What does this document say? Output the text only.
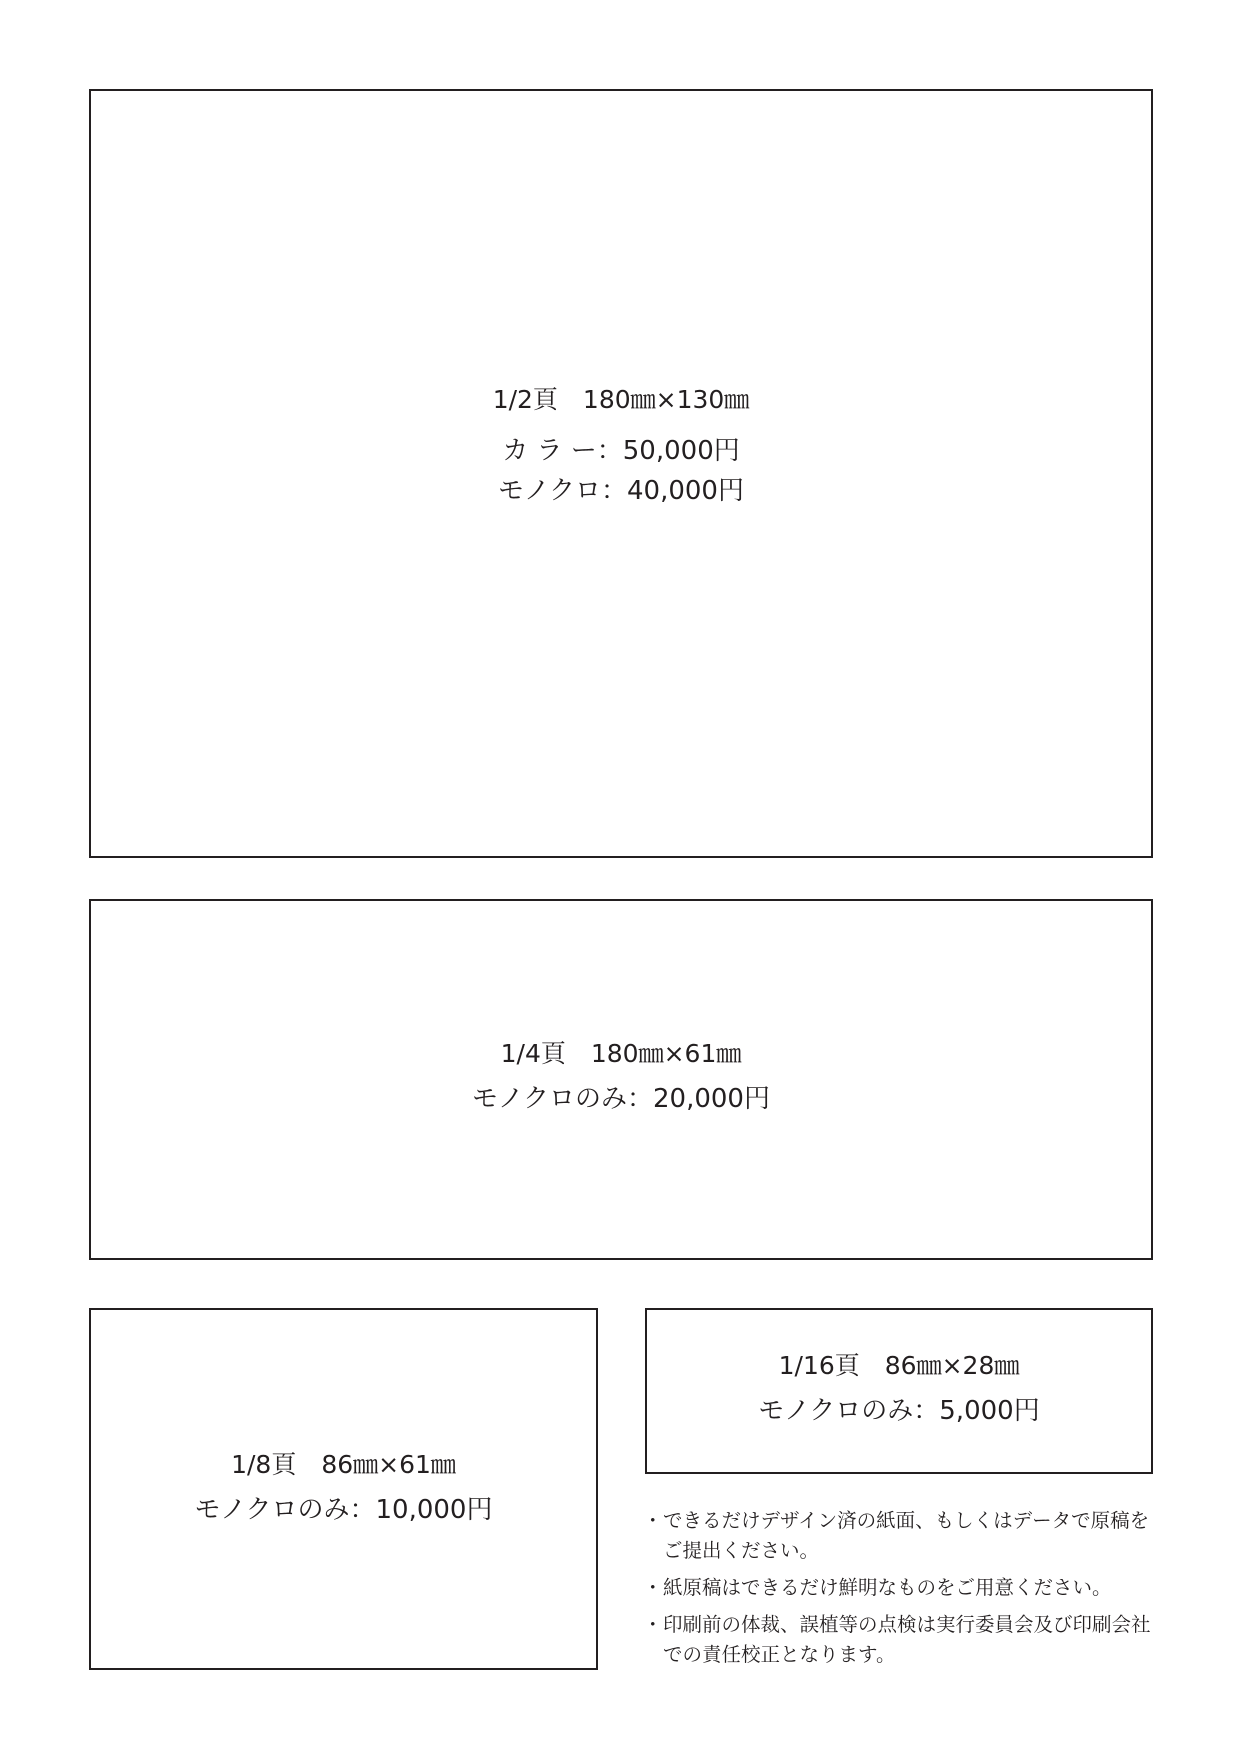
1/2頁　180㎜×130㎜
カ ラ ー：50,000円
モノクロ：40,000円
1/4頁　180㎜×61㎜
モノクロのみ：20,000円
1/8頁　86㎜×61㎜
モノクロのみ：10,000円
1/16頁　86㎜×28㎜
モノクロのみ：5,000円
・ できるだけデザイン済の紙面、もしくはデータで原稿をご提出ください。
・ 紙原稿はできるだけ鮮明なものをご用意ください。
・ 印刷前の体裁、誤植等の点検は実行委員会及び印刷会社での責任校正となります。
